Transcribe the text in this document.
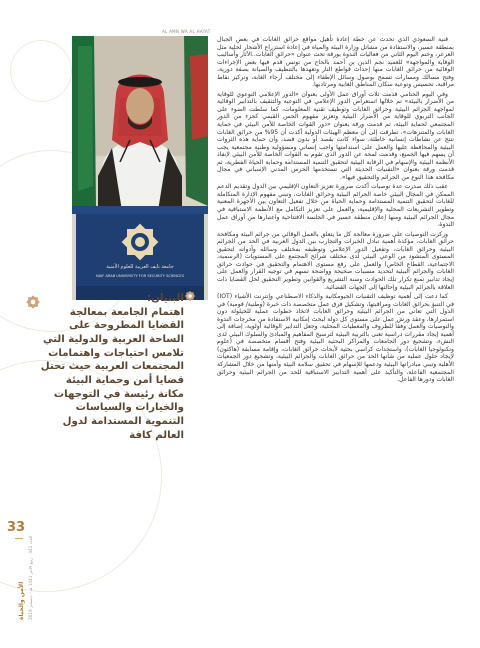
AL AMN WA AL HAYAT
جامعة نايف العربية للعلوم الأمنية
NAIF ARAB UNIVERSITY FOR SECURITY SCIENCES

قنية السعودي الذي تحدث عن خطة إعادة تأهيل مواقع حرائق الغابات في بعض الجبال بمنطقة عسير، والاستفادة من مشاتل وزارة البيئة والمياه في إعادة استزراع الأشجار لحلية مثل العرعر، وختم اليوم الثاني من فعاليات الندوة بورقة تحت عنوان «حرائق الغابات..الآثار وأساليب الوقاية والمواجهة» للعميد نجم الدين بن أحمد بالحاج من تونس قدم فيها بعض الإجراءات الوقائية من حرائق الغابات منها إحداث قواطع النار وتعهدها بالتنظيف والصيانة بصفة دورية، وفتح مسالك ومسارات تسمح بوصول وسائل الإطفاء إلى مختلف أرجاء الغابة، وتركيز نقاط مراقبة، تحسيس وتوعية سكان المناطق الغابية ومرتاديها.

وفي اليوم الختامي قدمت ثلاث أوراق عمل الأولى بعنوان «الدور الإعلامي التوعوي للوقاية من الأضرار بالبيئة» تم خلالها استعراض الدور الإعلامي في التوعية والتثقيف بالتدابير الوقائية لمواجهة الجرائم البيئية وحرائق الغابات وتوظيف تقنية المعلومات، كما سلطت الضوء على الجانب التربوي للوقاية من الأضرار البيئية وتعزيز مفهوم الحس القيمي كجزء من الدور المجتمعي لحماية البيئة، ثم قدمت ورقة بعنوان «دور القوات الخاصة للأمن البيئي في حماية الغابات والمتنزهات»، تطرقت إلى أن معظم الهيئات الدولية أكدت أن 95% من حرائق الغابات تنتج عن نشاطات إنسانية خاطئة، سواء كانت بقصد أو بدون قصد، وأن حماية هذه الثروات البيئية والمحافظة عليها والعمل على استدامتها واجب إنساني ومسؤولية وطنية مجتمعية يجب أن يسهم فيها الجميع، وقدمت لمحة عن الدور الذي تقوم به القوات الخاصة للأمن البيئي لإنفاذ الأنظمة البيئية والإسهام في الرقابة البيئية لتحقيق التنمية المستدامة وحماية الحياة الفطرية، ثم قدمت ورقة بعنوان «التقنيات الحديثة التي تستخدمها الحرس المدني الإسباني في مجال مكافحة هذا النوع من الجرائم والتحقيق فيها».

عقب ذلك صدرت عدة توصيات أكدت ضرورة تعزيز التعاون الإقليمي بين الدول وتقديم الدعم الممكن في المجال البيئي خاصة الجرائم البيئية وحرائق الغابات، وتبني مفهوم الإدارة المتكاملة للغابات لتحقيق التنمية المستدامة وحماية الحياة من خلال تفعيل التعاون بين الأجهزة المعنية وتطوير التشريعات المحلية والإقليمية، والعمل على تعزيز التكامل مع الأنظمة الاستباقية في مجال الجرائم البيئية ومنها إعلان منطقة عسير في الجلسة الافتتاحية واعتبارها من أوراق عمل الندوة.

وركزت التوصيات على ضرورة معالجة كل ما يتعلق بالعمل الوقائي من جرائم البيئة ومكافحة حرائق الغابات، مؤكدة أهمية تبادل الخبرات والتجارب بين الدول العربية في الحد من الجرائم البيئية وحرائق الغابات، وتفعيل الدور الإعلامي وتوظيفه بمختلف وسائله وأدواته لتحقيق المستوى المنشود من الوعي البيئي لدى مختلف شرائح المجتمع على المستويات (الرسمية، الاجتماعية، القطاع الخاص) والعمل على رفع مستوى الاهتمام والتحقيق في حوادث حرائق الغابات والجرائم البيئية لتحديد مسببات صحيحة وواضحة تسهم في توجيه القرار والعمل على إيجاد تدابير تمنع تكرار تلك الحوادث وسنة التشريع والقوانين وتطوير التحقيق لحل القضايا ذات العلاقة بالجرائم البيئية وإحالتها إلى الجهات القضائية.

كما دعت إلى أهمية توظيف التقنيات الجيومكانية والذكاء الاصطناعي وإنترنت الأشياء (IOT) في التنبؤ بحرائق الغابات ومراقبتها، وتشكيل فرق عمل متخصصة ذات خبرة (وطنية/ قومية) في الدول التي تعاني من الجرائم البيئية وحرائق الغابات لاتخاذ خطوات عملية للحيلولة دون استمرارها، وعقد ورش عمل على مستوى كل دولة لبحث إمكانية الاستفادة من مخرجات الندوة والتوصيات والعمل وفقاً للظروف والمعطيات المحلية، وجعل التدابير الوقائية أولوية، إضافة إلى أهمية إيجاد مقررات دراسية تعنى بالتربية البيئية لترسيخ المفاهيم والمبادئ والسلوك البيئي لدى النشء، وتشجيع دور الجامعات والمراكز البحثية البيئية وفتح أقسام متخصصة في (علوم وتكنولوجيا الغابات)، واستحداث كراسي بحثية لأبحاث حرائق الغابات، وإقامة مسابقة (هاكثون) لإيجاد حلول عملية من شأنها الحد من حرائق الغابات والجرائم البيئية، وتشجيع دور الجمعيات الأهلية وتبني مبادراتها البيئية ودعمها للإسهام في تحقيق سلامة البيئة وأمنها من خلال المشاركة المجتمعية الفاعلة، والتأكيد على أهمية التدابير الاستباقية للحد من الجرائم البيئية وحرائق الغابات ودورها الفاعل.

البنيان:
اهتمام الجامعة بمعالجة القضايا المطروحة على الساحة العربية والدولية التي تلامس احتياجات واهتمامات المجتمعات العربية حيث تحتل قضايا أمن وحماية البيئة مكانة رئيسة في التوجهات والخيارات والسياسات التنموية المستدامة لدول العالم كافة
33
الأمن والحياة العدد 441 - ربيع الآخر 1441 هـ - ديسمبر 2019
